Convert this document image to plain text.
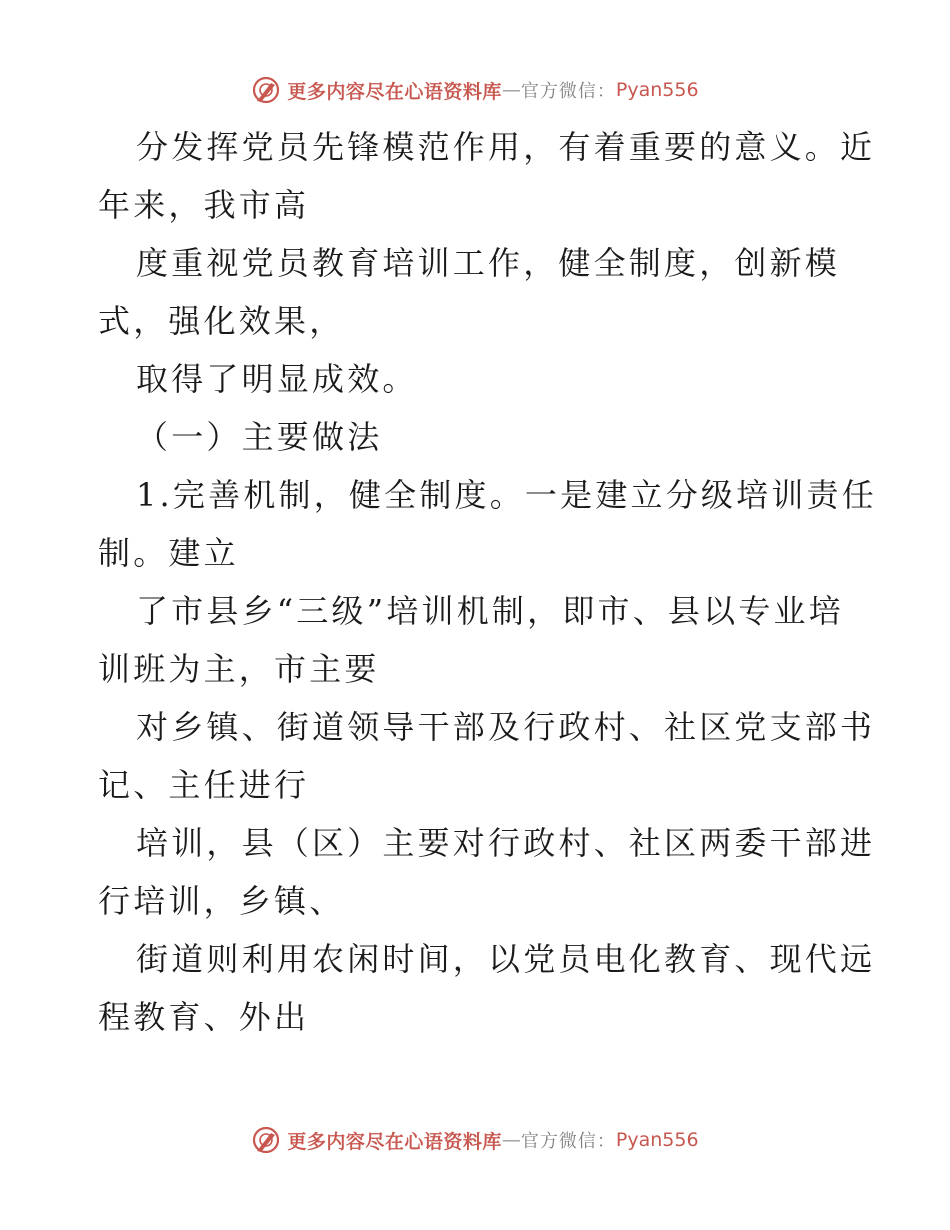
更多内容尽在心语资料库 — 官方微信： Pyan556
分发挥党员先锋模范作用，有着重要的意义。近
年来，我市高
度重视党员教育培训工作，健全制度，创新模
式，强化效果，
取得了明显成效。
（一）主要做法
1.完善机制，健全制度。一是建立分级培训责任
制。建立
了市县乡“三级”培训机制，即市、县以专业培
训班为主，市主要
对乡镇、街道领导干部及行政村、社区党支部书
记、主任进行
培训，县（区）主要对行政村、社区两委干部进
行培训，乡镇、
街道则利用农闲时间，以党员电化教育、现代远
程教育、外出
更多内容尽在心语资料库 — 官方微信： Pyan556
